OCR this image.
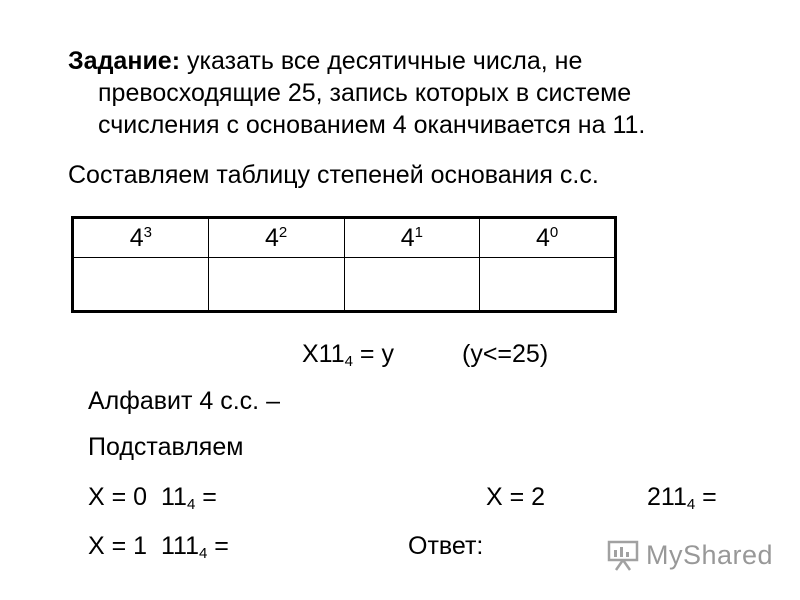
Задание: указать все десятичные числа, не
превосходящие 25, запись которых в системе
счисления с основанием 4 оканчивается на 11.
Составляем таблицу степеней основания с.с.
$4^3$	$4^2$	$4^1$	$4^0$

$X11_4 = y$	(y<=25)
Алфавит 4 с.с. –
Подставляем
X = 0 $11_4$ =	X = 2	$211_4$ =
X = 1 $111_4$ =	Ответ:	MyShared
